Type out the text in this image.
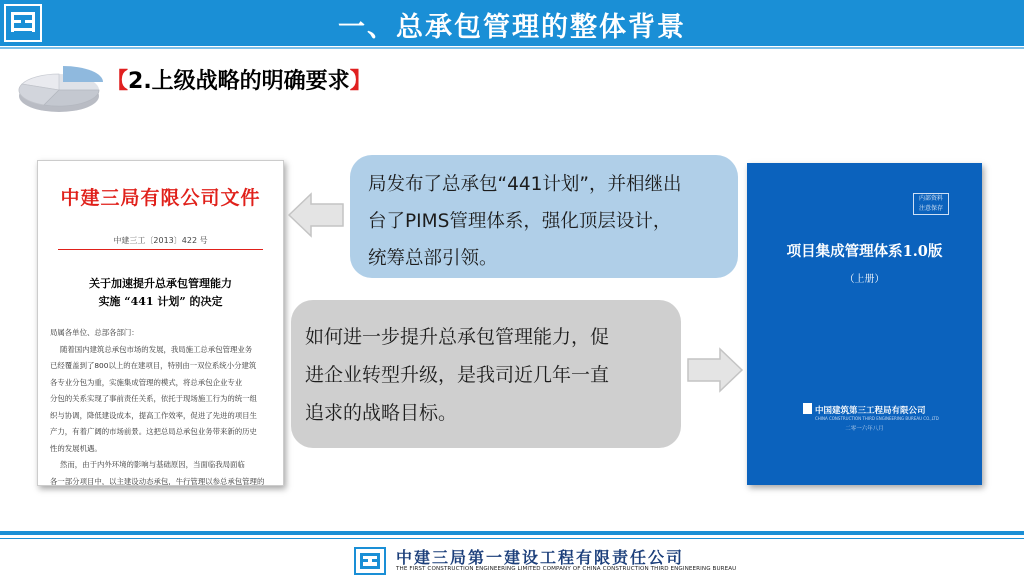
一、总承包管理的整体背景
【2.上级战略的明确要求】
中建三局有限公司文件
中建三工〔2013〕422 号
关于加速提升总承包管理能力
实施 “441 计划” 的决定
局属各单位、总部各部门：
随着国内建筑总承包市场的发展，我局施工总承包管理业务
已经覆盖到了800以上的在建项目，特别由一双位系统小分建筑
各专业分包为重，实施集成管理的模式，将总承包企业专业
分包的关系实现了事前责任关系，依托于现场施工行为的统一组
织与协调，降低建设成本，提高工作效率，促进了先进的项目生
产力，有着广阔的市场前景。这把总局总承包业务带来新的历史
性的发展机遇。
然而，由于内外环境的影响与基础原因，当面临我局面临
各一部分项目中，以主建设动态承包，牛行管理以参总承包管理的
局发布了总承包“441计划”，并相继出
台了PIMS管理体系，强化顶层设计，
统筹总部引领。
如何进一步提升总承包管理能力，促
进企业转型升级，是我司近几年一直
追求的战略目标。
内部资料
注意保存
项目集成管理体系1.0版
（上册）
中国建筑第三工程局有限公司
CHINA CONSTRUCTION THIRD ENGINEERING BUREAU CO.,LTD
二零一六年八月
中建三局第一建设工程有限责任公司
THE FIRST CONSTRUCTION ENGINEERING LIMITED COMPANY OF CHINA CONSTRUCTION THIRD ENGINEERING BUREAU
